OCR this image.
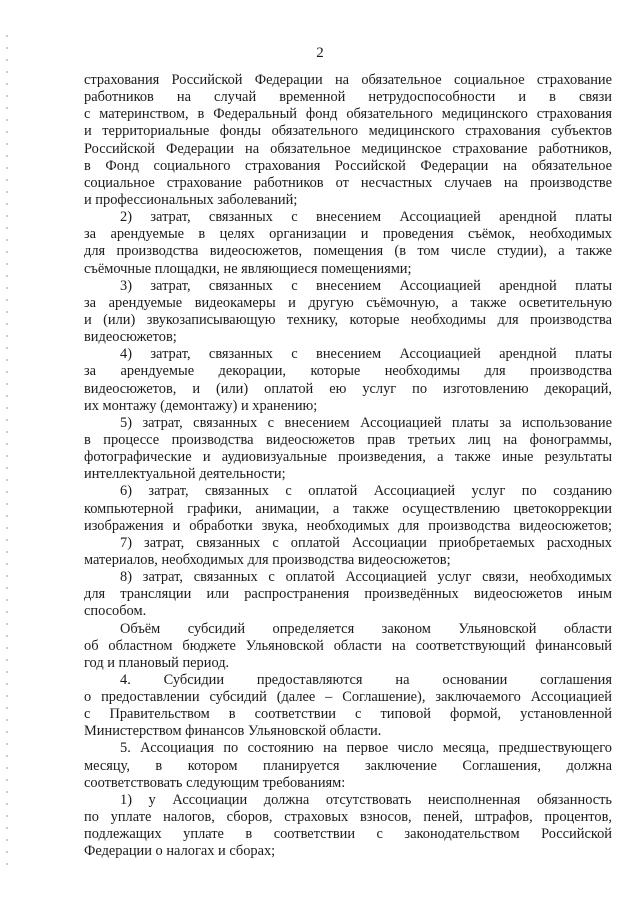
2
страхования Российской Федерации на обязательное социальное страхование
работников на случай временной нетрудоспособности и в связи
с материнством, в Федеральный фонд обязательного медицинского страхования
и территориальные фонды обязательного медицинского страхования субъектов
Российской Федерации на обязательное медицинское страхование работников,
в Фонд социального страхования Российской Федерации на обязательное
социальное страхование работников от несчастных случаев на производстве
и профессиональных заболеваний;
2) затрат, связанных с внесением Ассоциацией арендной платы
за арендуемые в целях организации и проведения съёмок, необходимых
для производства видеосюжетов, помещения (в том числе студии), а также
съёмочные площадки, не являющиеся помещениями;
3) затрат, связанных с внесением Ассоциацией арендной платы
за арендуемые видеокамеры и другую съёмочную, а также осветительную
и (или) звукозаписывающую технику, которые необходимы для производства
видеосюжетов;
4) затрат, связанных с внесением Ассоциацией арендной платы
за арендуемые декорации, которые необходимы для производства
видеосюжетов, и (или) оплатой ею услуг по изготовлению декораций,
их монтажу (демонтажу) и хранению;
5) затрат, связанных с внесением Ассоциацией платы за использование
в процессе производства видеосюжетов прав третьих лиц на фонограммы,
фотографические и аудиовизуальные произведения, а также иные результаты
интеллектуальной деятельности;
6) затрат, связанных с оплатой Ассоциацией услуг по созданию
компьютерной графики, анимации, а также осуществлению цветокоррекции
изображения и обработки звука, необходимых для производства видеосюжетов;
7) затрат, связанных с оплатой Ассоциации приобретаемых расходных
материалов, необходимых для производства видеосюжетов;
8) затрат, связанных с оплатой Ассоциацией услуг связи, необходимых
для трансляции или распространения произведённых видеосюжетов иным
способом.
Объём субсидий определяется законом Ульяновской области
об областном бюджете Ульяновской области на соответствующий финансовый
год и плановый период.
4. Субсидии предоставляются на основании соглашения
о предоставлении субсидий (далее – Соглашение), заключаемого Ассоциацией
с Правительством в соответствии с типовой формой, установленной
Министерством финансов Ульяновской области.
5. Ассоциация по состоянию на первое число месяца, предшествующего
месяцу, в котором планируется заключение Соглашения, должна
соответствовать следующим требованиям:
1) у Ассоциации должна отсутствовать неисполненная обязанность
по уплате налогов, сборов, страховых взносов, пеней, штрафов, процентов,
подлежащих уплате в соответствии с законодательством Российской
Федерации о налогах и сборах;
